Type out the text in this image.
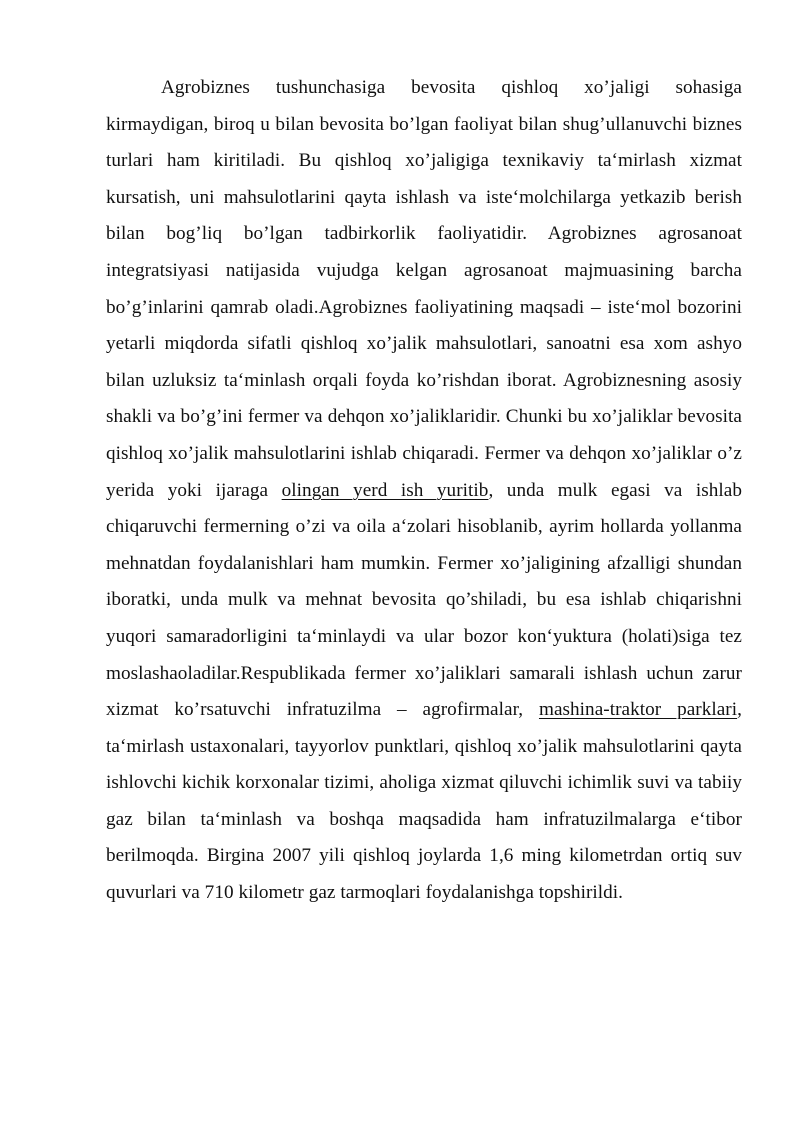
Agrobiznes tushunchasiga bevosita qishloq xo’jaligi sohasiga kirmaydigan, biroq u bilan bevosita bo’lgan faoliyat bilan shug’ullanuvchi biznes turlari ham kiritiladi. Bu qishloq xo’jaligiga texnikaviy ta‘mirlash xizmat kursatish, uni mahsulotlarini qayta ishlash va iste‘molchilarga yetkazib berish bilan bog’liq bo’lgan tadbirkorlik faoliyatidir. Agrobiznes agrosanoat integratsiyasi natijasida vujudga kelgan agrosanoat majmuasining barcha bo’g’inlarini qamrab oladi.Agrobiznes faoliyatining maqsadi – iste‘mol bozorini yetarli miqdorda sifatli qishloq xo’jalik mahsulotlari, sanoatni esa xom ashyo bilan uzluksiz ta‘minlash orqali foyda ko’rishdan iborat. Agrobiznesning asosiy shakli va bo’g’ini fermer va dehqon xo’jaliklaridir. Chunki bu xo’jaliklar bevosita qishloq xo’jalik mahsulotlarini ishlab chiqaradi. Fermer va dehqon xo’jaliklar o’z yerida yoki ijaraga olingan yerd ish yuritib, unda mulk egasi va ishlab chiqaruvchi fermerning o’zi va oila a‘zolari hisoblanib, ayrim hollarda yollanma mehnatdan foydalanishlari ham mumkin. Fermer xo’jaligining afzalligi shundan iboratki, unda mulk va mehnat bevosita qo’shiladi, bu esa ishlab chiqarishni yuqori samaradorligini ta‘minlaydi va ular bozor kon‘yuktura (holati)siga tez moslashaoladilar.Respublikada fermer xo’jaliklari samarali ishlash uchun zarur xizmat ko’rsatuvchi infratuzilma – agrofirmalar, mashina-traktor parklari, ta‘mirlash ustaxonalari, tayyorlov punktlari, qishloq xo’jalik mahsulotlarini qayta ishlovchi kichik korxonalar tizimi, aholiga xizmat qiluvchi ichimlik suvi va tabiiy gaz bilan ta‘minlash va boshqa maqsadida ham infratuzilmalarga e‘tibor berilmoqda. Birgina 2007 yili qishloq joylarda 1,6 ming kilometrdan ortiq suv quvurlari va 710 kilometr gaz tarmoqlari foydalanishga topshirildi.
